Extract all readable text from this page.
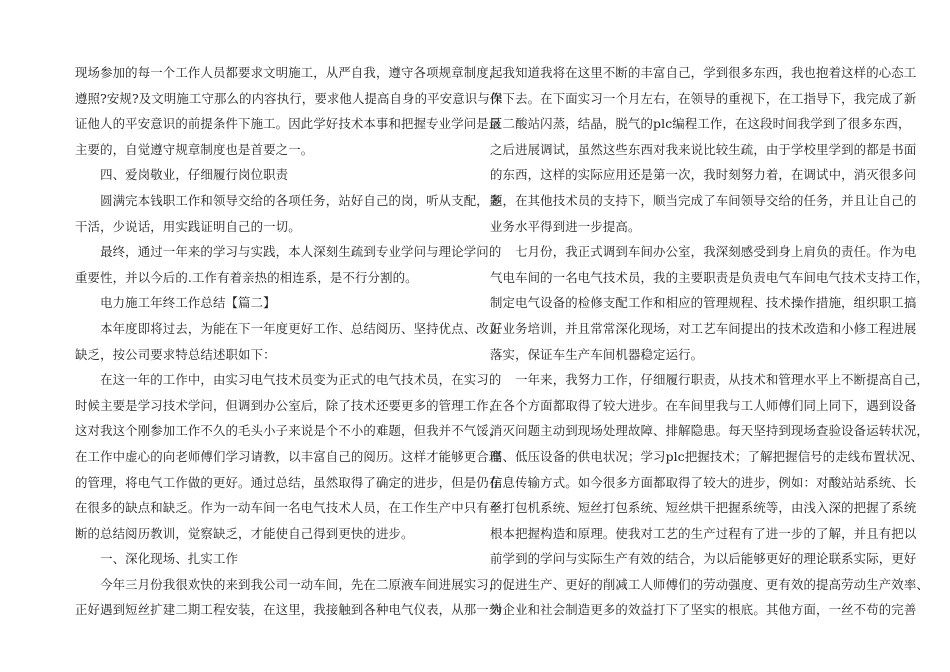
现场参加的每一个工作人员都要求文明施工，从严自我，遵守各项规章制度，
遵照?安规?及文明施工守那么的内容执行，要求他人提高自身的平安意识与保
证他人的平安意识的前提条件下施工。因此学好技术本事和把握专业学问是最
主要的，自觉遵守规章制度也是首要之一。
　　四、爱岗敬业，仔细履行岗位职责
　　圆满完本钱职工作和领导交给的各项任务，站好自己的岗，听从支配，多
干活，少说话，用实践证明自己的一切。
　　最终，通过一年来的学习与实践，本人深刻生疏到专业学问与理论学问的
重要性，并以今后的.工作有着亲热的相连系，是不行分割的。
　　电力施工年终工作总结【篇二】
　　本年度即将过去，为能在下一年度更好工作、总结阅历、坚持优点、改正
缺乏，按公司要求特总结述职如下：
　　在这一年的工作中，由实习电气技术员变为正式的电气技术员，在实习的
时候主要是学习技术学问，但调到办公室后，除了技术还要更多的管理工作，
这对我这个刚参加工作不久的毛头小子来说是个不小的难题，但我并不气馁，
在工作中虚心的向老师傅们学习请教，以丰富自己的阅历。这样才能够更合理
的管理，将电气工作做的更好。通过总结，虽然取得了确定的进步，但是仍在
在很多的缺点和缺乏。作为一动车间一名电气技术人员，在工作生产中只有不
断的总结阅历教训，觉察缺乏，才能使自己得到更快的进步。
　　一、深化现场、扎实工作
　　今年三月份我很欢快的来到我公司一动车间，先在二原液车间进展实习，
正好遇到短丝扩建二期工程安装，在这里，我接触到各种电气仪表，从那一刻
起我知道我将在这里不断的丰富自己，学到很多东西，我也抱着这样的心态工
作下去。在下面实习一个月左右，在领导的重视下，在工指导下，我完成了新
区二酸站闪蒸，结晶，脱气的plc编程工作，在这段时间我学到了很多东西，
之后进展调试，虽然这些东西对我来说比较生疏，由于学校里学到的都是书面
的东西，这样的实际应用还是第一次，我时刻努力着，在调试中，消灭很多问
题，在其他技术员的支持下，顺当完成了车间领导交给的任务，并且让自己的
业务水平得到进一步提高。
　　七月份，我正式调到车间办公室，我深刻感受到身上肩负的责任。作为电
气电车间的一名电气技术员，我的主要职责是负责电气车间电气技术支持工作，
制定电气设备的检修支配工作和相应的管理规程、技术操作措施，组织职工搞
好业务培训，并且常常深化现场，对工艺车间提出的技术改造和小修工程进展
落实，保证车生产车间机器稳定运行。
　　一年来，我努力工作，仔细履行职责，从技术和管理水平上不断提高自己，
在各个方面都取得了较大进步。在车间里我与工人师傅们同上同下，遇到设备
消灭问题主动到现场处理故障、排解隐患。每天坚持到现场查验设备运转状况，
高、低压设备的供电状况；学习plc把握技术；了解把握信号的走线布置状况、
信息传输方式。如今很多方面都取得了较大的进步，例如：对酸站站系统、长
丝打包机系统、短丝打包系统、短丝烘干把握系统等，由浅入深的把握了系统
根本把握构造和原理。使我对工艺的生产过程有了进一步的了解，并且有把以
前学到的学问与实际生产有效的结合，为以后能够更好的理论联系实际，更好
的促进生产、更好的削减工人师傅们的劳动强度、更有效的提高劳动生产效率、
为企业和社会制造更多的效益打下了坚实的根底。其他方面，一丝不苟的完善
